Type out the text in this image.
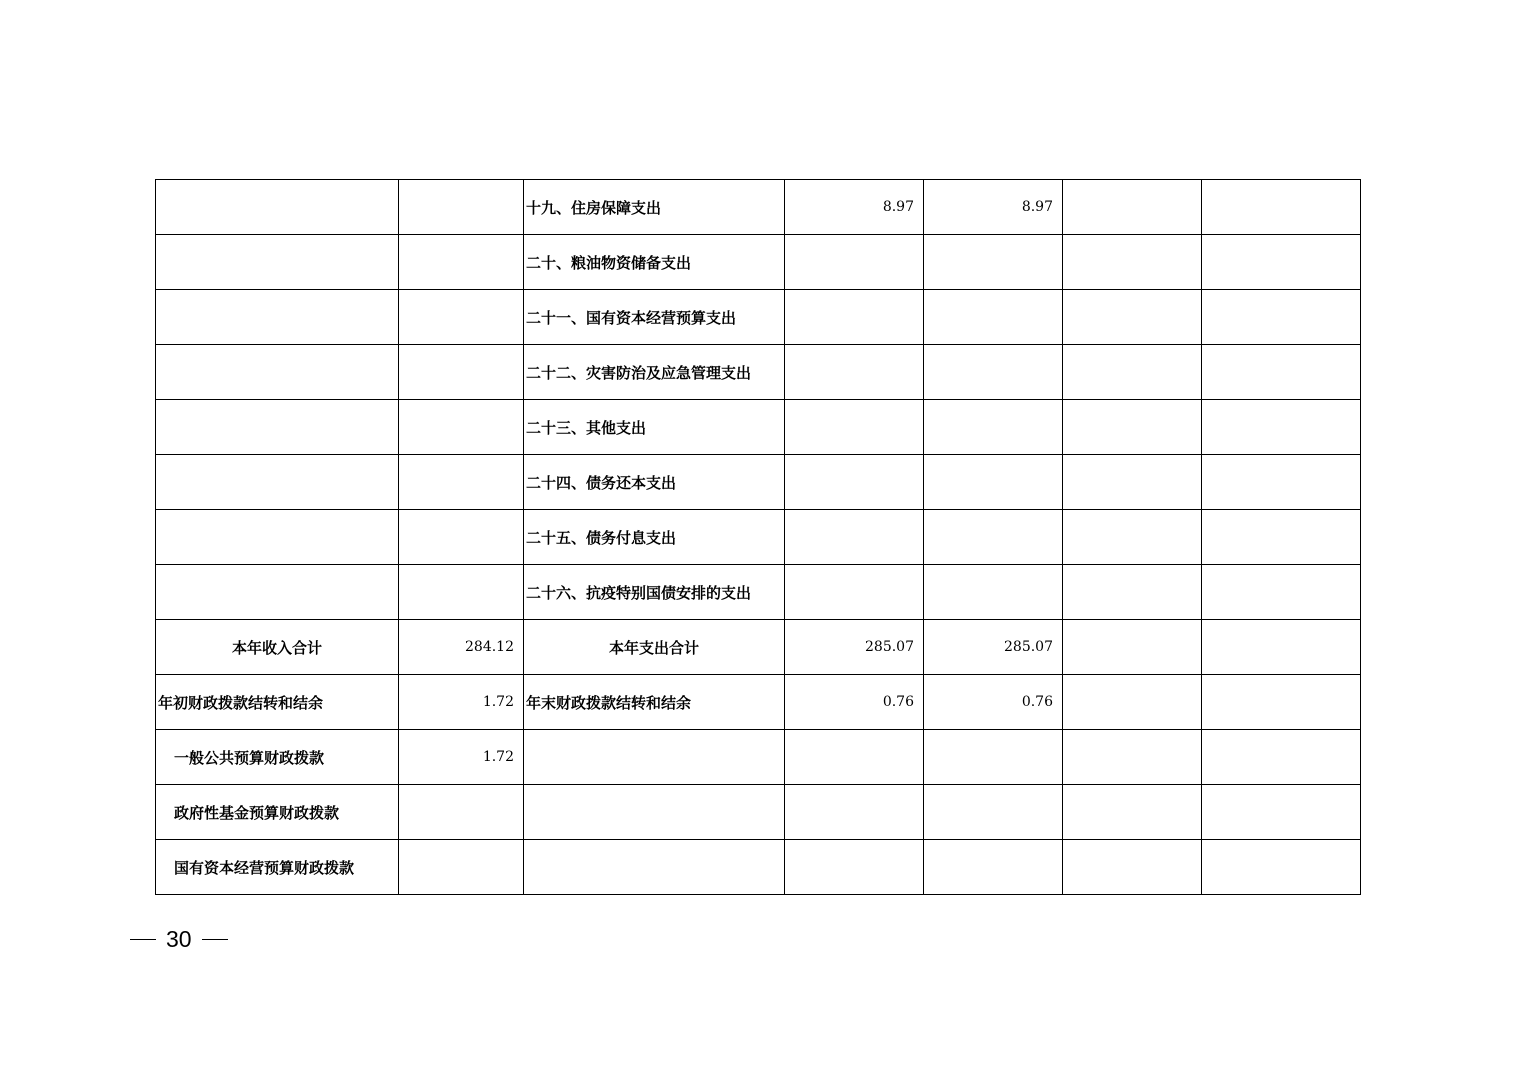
		十九、住房保障支出	8.97	8.97		
		二十、粮油物资储备支出				
		二十一、国有资本经营预算支出				
		二十二、灾害防治及应急管理支出				
		二十三、其他支出				
		二十四、债务还本支出				
		二十五、债务付息支出				
		二十六、抗疫特别国债安排的支出				
本年收入合计	284.12	本年支出合计	285.07	285.07		
年初财政拨款结转和结余	1.72	年末财政拨款结转和结余	0.76	0.76		
一般公共预算财政拨款	1.72					
政府性基金预算财政拨款						
国有资本经营预算财政拨款						
30
